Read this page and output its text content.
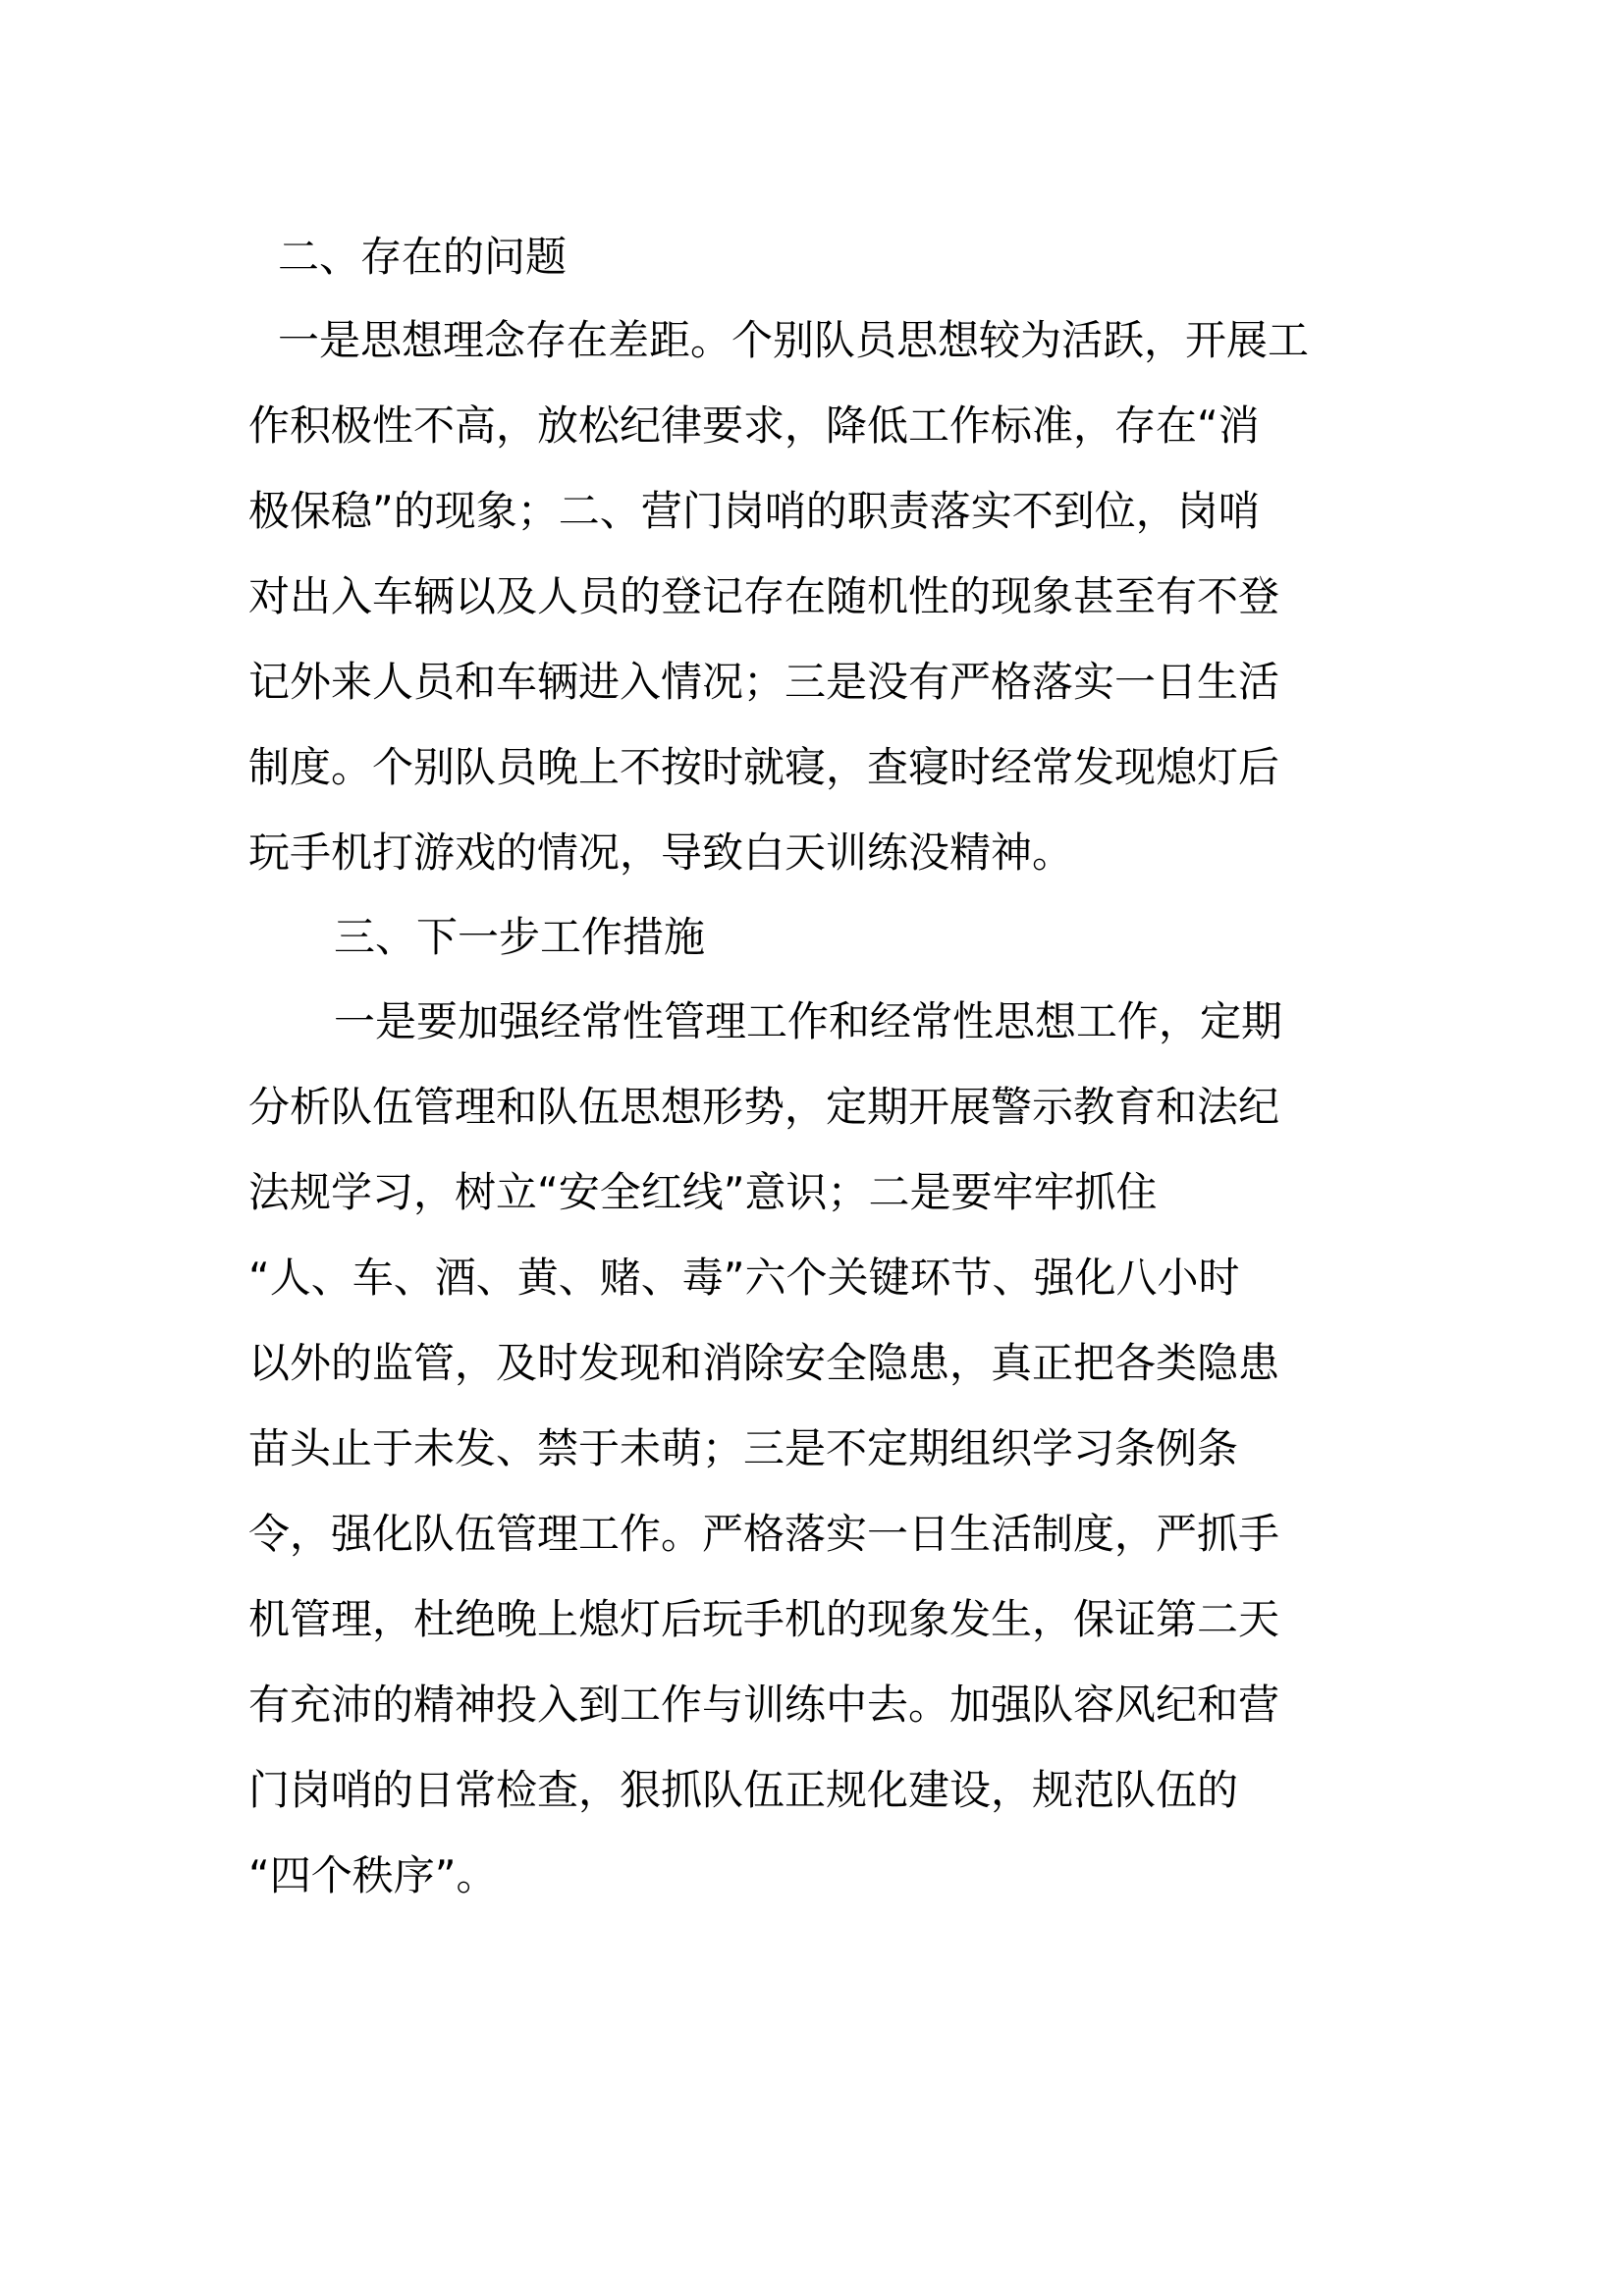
二、存在的问题
一是思想理念存在差距。个别队员思想较为活跃，开展工
作积极性不高，放松纪律要求，降低工作标准，存在“消
极保稳”的现象；二、营门岗哨的职责落实不到位，岗哨
对出入车辆以及人员的登记存在随机性的现象甚至有不登
记外来人员和车辆进入情况；三是没有严格落实一日生活
制度。个别队员晚上不按时就寝，查寝时经常发现熄灯后
玩手机打游戏的情况，导致白天训练没精神。
三、下一步工作措施
一是要加强经常性管理工作和经常性思想工作，定期
分析队伍管理和队伍思想形势，定期开展警示教育和法纪
法规学习，树立“安全红线”意识；二是要牢牢抓住
“人、车、酒、黄、赌、毒”六个关键环节、强化八小时
以外的监管，及时发现和消除安全隐患，真正把各类隐患
苗头止于未发、禁于未萌；三是不定期组织学习条例条
令，强化队伍管理工作。严格落实一日生活制度，严抓手
机管理，杜绝晚上熄灯后玩手机的现象发生，保证第二天
有充沛的精神投入到工作与训练中去。加强队容风纪和营
门岗哨的日常检查，狠抓队伍正规化建设，规范队伍的
“四个秩序”。
